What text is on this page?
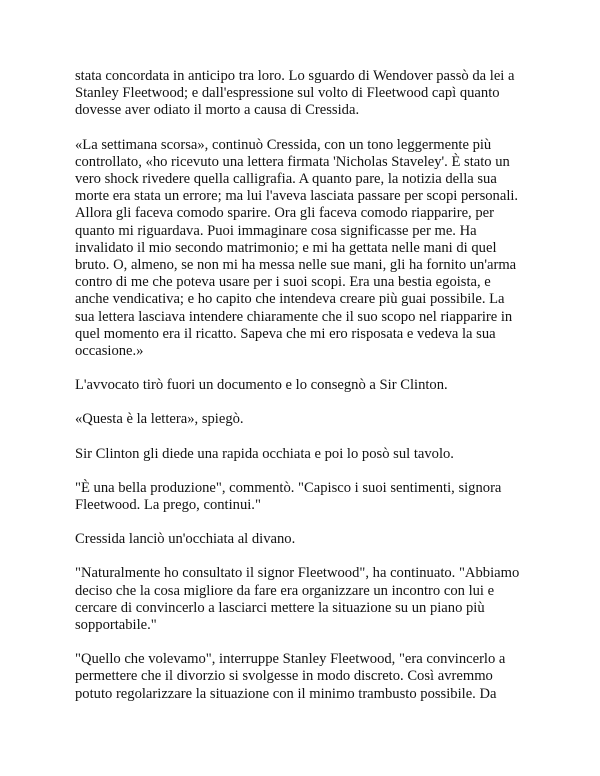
stata concordata in anticipo tra loro. Lo sguardo di Wendover passò da lei a
Stanley Fleetwood; e dall'espressione sul volto di Fleetwood capì quanto
dovesse aver odiato il morto a causa di Cressida.
«La settimana scorsa», continuò Cressida, con un tono leggermente più
controllato, «ho ricevuto una lettera firmata 'Nicholas Staveley'. È stato un
vero shock rivedere quella calligrafia. A quanto pare, la notizia della sua
morte era stata un errore; ma lui l'aveva lasciata passare per scopi personali.
Allora gli faceva comodo sparire. Ora gli faceva comodo riapparire, per
quanto mi riguardava. Puoi immaginare cosa significasse per me. Ha
invalidato il mio secondo matrimonio; e mi ha gettata nelle mani di quel
bruto. O, almeno, se non mi ha messa nelle sue mani, gli ha fornito un'arma
contro di me che poteva usare per i suoi scopi. Era una bestia egoista, e
anche vendicativa; e ho capito che intendeva creare più guai possibile. La
sua lettera lasciava intendere chiaramente che il suo scopo nel riapparire in
quel momento era il ricatto. Sapeva che mi ero risposata e vedeva la sua
occasione.»
L'avvocato tirò fuori un documento e lo consegnò a Sir Clinton.
«Questa è la lettera», spiegò.
Sir Clinton gli diede una rapida occhiata e poi lo posò sul tavolo.
"È una bella produzione", commentò. "Capisco i suoi sentimenti, signora
Fleetwood. La prego, continui."
Cressida lanciò un'occhiata al divano.
"Naturalmente ho consultato il signor Fleetwood", ha continuato. "Abbiamo
deciso che la cosa migliore da fare era organizzare un incontro con lui e
cercare di convincerlo a lasciarci mettere la situazione su un piano più
sopportabile."
"Quello che volevamo", interruppe Stanley Fleetwood, "era convincerlo a
permettere che il divorzio si svolgesse in modo discreto. Così avremmo
potuto regolarizzare la situazione con il minimo trambusto possibile. Da
